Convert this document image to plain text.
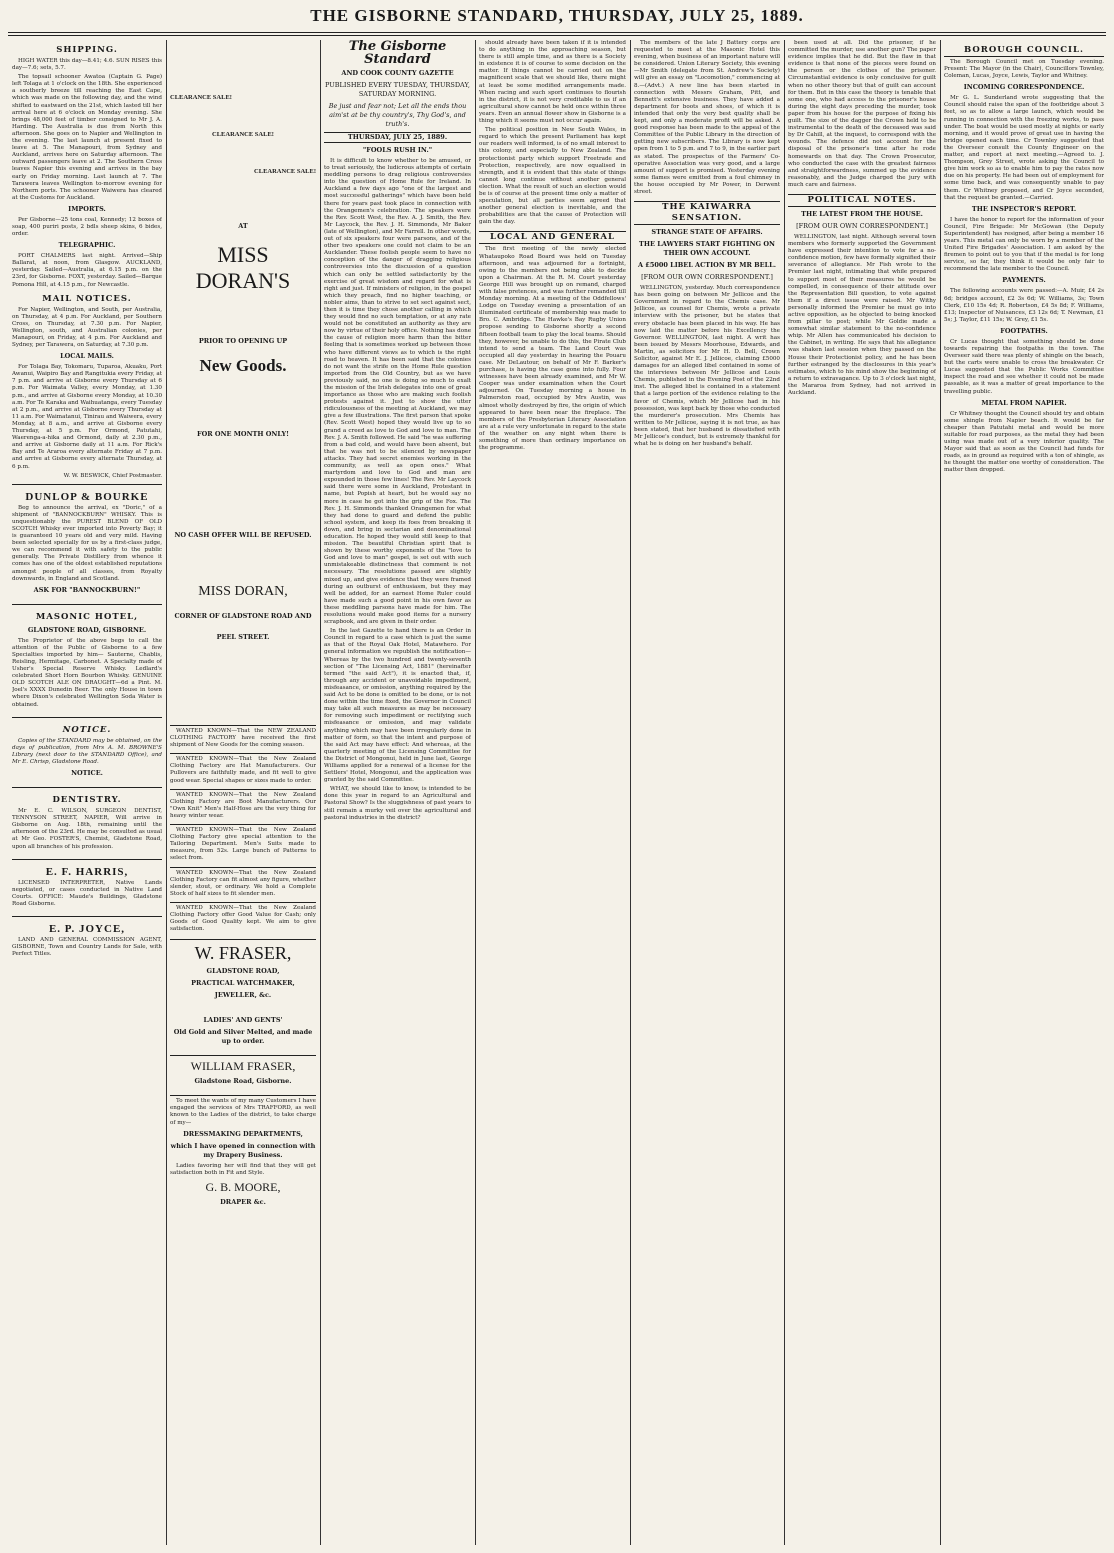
THE GISBORNE STANDARD, THURSDAY, JULY 25, 1889.
SHIPPING.

HIGH WATER this day—8.41; 4.6. SUN RISES this day—7.6; sets, 5.7.

The topsail schooner Awatoa (Captain G. Page) left Tolaga at 1 o'clock on the 18th. She experienced a southerly breeze till reaching the East Cape, which was made on the following day, and the wind shifted to eastward on the 21st, which lasted till her arrival here at 6 o'clock on Monday evening. She brings 48,000 feet of timber consigned to Mr J. A. Harding. The Australia is due from North this afternoon. She goes on to Napier and Wellington in the evening. The last launch at present fixed to leave at 5. The Manapouri, from Sydney and Auckland, arrives here on Saturday afternoon. The outward passengers leave at 2. The Southern Cross leaves Napier this evening and arrives in the bay early on Friday morning. Last launch at 7. The Tarawera leaves Wellington to-morrow evening for Northern ports. The schooner Waiwera has cleared at the Customs for Auckland.

IMPORTS.

Per Gisborne—25 tons coal, Kennedy; 12 boxes of soap, 400 puriri posts, 2 bdls sheep skins, 6 bides, order.

TELEGRAPHIC.

PORT CHALMERS last night. Arrived—Ship Ballarat, at noon, from Glasgow. AUCKLAND, yesterday. Sailed—Australia, at 6.15 p.m. on the 23rd, for Gisborne. FOXT, yesterday. Sailed—Barque Pomona Hill, at 4.15 p.m., for Newcastle.

MAIL NOTICES.

For Napier, Wellington, and South, per Australia, on Thursday, at 4 p.m. For Auckland, per Southern Cross, on Thursday, at 7.30 p.m. For Napier, Wellington, south, and Australian colonies, per Manapouri, on Friday, at 4 p.m. For Auckland and Sydney, per Tarawera, on Saturday, at 7.30 p.m.

LOCAL MAILS.

For Tolaga Bay, Tokomaru, Tuparoa, Akuaku, Port Awanui, Waipiro Bay and Rangitukia every Friday, at 7 p.m. and arrive at Gisborne every Thursday at 6 p.m. For Waimata Valley, every Monday, at 1.30 p.m., and arrive at Gisborne every Monday, at 10.30 a.m. For Te Karaka and Waihuatanga, every Tuesday at 2 p.m., and arrive at Gisborne every Thursday at 11 a.m. For Waimatanui, Tinirau and Waiwera, every Monday, at 8 a.m., and arrive at Gisborne every Thursday, at 5 p.m. For Ormond, Patutahi, Waerenga-a-hika and Ormond, daily at 2.30 p.m., and arrive at Gisborne daily at 11 a.m. For Rick's Bay and Te Araroa every alternate Friday at 7 p.m. and arrive at Gisborne every alternate Thursday, at 6 p.m.

W. W. BESWICK, Chief Postmaster.

DUNLOP & BOURKE

Beg to announce the arrival, ex "Doric," of a shipment of "BANNOCKBURN" WHISKY. This is unquestionably the PUREST BLEND OF OLD SCOTCH Whisky ever imported into Poverty Bay; it is guaranteed 10 years old and very mild. Having been selected specially for us by a first-class judge, we can recommend it with safety to the public generally. The Private Distillery from whence it comes has one of the oldest established reputations amongst people of all classes, from Royalty downwards, in England and Scotland.

ASK FOR "BANNOCKBURN!"
MASONIC HOTEL,
GLADSTONE ROAD, GISBORNE.

The Proprietor of the above begs to call the attention of the Public of Gisborne to a few Specialties imported by him— Sauterne, Chablis, Reisling, Hermitage, Carbonet. A Specialty made of Usher's Special Reserve Whisky. Ledlard's celebrated Short Horn Bourbon Whisky. GENUINE OLD SCOTCH ALE ON DRAUGHT—6d a Pint. M. Joel's XXXX Dunedin Beer. The only House in town where Dixon's celebrated Wellington Soda Water is obtained.

NOTICE.

Copies of the STANDARD may be obtained, on the days of publication, from Mrs A. M. BROWNE'S Library (next door to the STANDARD Office), and Mr E. Chrisp, Gladstone Road.

NOTICE.
DENTISTRY.

Mr E. C. WILSON, SURGEON DENTIST, TENNYSON STREET, NAPIER, Will arrive in Gisborne on Aug. 18th, remaining until the afternoon of the 23rd. He may be consulted as usual at Mr Geo. FOSTER'S, Chemist, Gladstone Road, upon all branches of his profession.

E. F. HARRIS,

LICENSED INTERPRETER, Native Lands negotiated, or cases conducted in Native Land Courts. OFFICE: Maude's Buildings, Gladstone Road Gisborne.

E. P. JOYCE,

LAND AND GENERAL COMMISSION AGENT, GISBORNE, Town and Country Lands for Sale, with Perfect Titles.

CLEARANCE SALE!
CLEARANCE SALE!
CLEARANCE SALE!
AT
MISS DORAN'S
PRIOR TO OPENING UP
New Goods.
FOR ONE MONTH ONLY!
NO CASH OFFER WILL BE REFUSED.
MISS DORAN,
CORNER OF GLADSTONE ROAD AND
PEEL STREET.

WANTED KNOWN—That the NEW ZEALAND CLOTHING FACTORY have received the first shipment of New Goods for the coming season.

WANTED KNOWN—That the New Zealand Clothing Factory are Hat Manufacturers. Our Pullovers are faithfully made, and fit well to give good wear. Special shapes or sizes made to order.

WANTED KNOWN—That the New Zealand Clothing Factory are Boot Manufacturers. Our "Own Knit" Men's Half-Hose are the very thing for heavy winter wear.

WANTED KNOWN—That the New Zealand Clothing Factory give special attention to the Tailoring Department. Men's Suits made to measure, from 52s. Large bunch of Patterns to select from.

WANTED KNOWN—That the New Zealand Clothing Factory can fit almost any figure, whether slender, stout, or ordinary. We hold a Complete Stock of half sizes to fit slender men.

WANTED KNOWN—That the New Zealand Clothing Factory offer Good Value for Cash; only Goods of Good Quality kept. We aim to give satisfaction.

W. FRASER,
GLADSTONE ROAD,
PRACTICAL WATCHMAKER,
JEWELLER, &c.
LADIES' AND GENTS'
Old Gold and Silver Melted, and made up to order.
WILLIAM FRASER,
Gladstone Road, Gisborne.

To meet the wants of my many Customers I have engaged the services of Mrs TRAFFORD, as well known to the Ladies of the district, to take charge of my—

DRESSMAKING DEPARTMENTS,
which I have opened in connection with my Drapery Business.

Ladies favoring her will find that they will get satisfaction both in Fit and Style.

G. B. MOORE,
DRAPER &c.
The Gisborne Standard
AND COOK COUNTY GAZETTE
PUBLISHED EVERY TUESDAY, THURSDAY, SATURDAY MORNING.
Be just and fear not; Let all the ends thou aim'st at be thy country's, Thy God's, and truth's.
THURSDAY, JULY 25, 1889.
"FOOLS RUSH IN."

It is difficult to know whether to be amused, or to treat seriously, the ludicrous attempts of certain meddling persons to drag religious controversies into the question of Home Rule for Ireland. In Auckland a few days ago "one of the largest and most successful gatherings" which have been held there for years past took place in connection with the Orangemen's celebration. The speakers were the Rev. Scott West, the Rev. A. J. Smith, the Rev. Mr Laycock, the Rev. J. H. Simmonds, Mr Baker (late of Wellington), and Mr Farrell. In other words, out of six speakers four were parsons, and of the other two speakers one could not claim to be an Aucklander. These foolish people seem to have no conception of the danger of dragging religious controversies into the discussion of a question which can only be settled satisfactorily by the exercise of great wisdom and regard for what is right and just. If ministers of religion, in the gospel which they preach, find no higher teaching, or nobler aims, than to strive to set sect against sect, then it is time they chose another calling in which they would find no such temptation, or at any rate would not be constituted an authority as they are now by virtue of their holy office. Nothing has done the cause of religion more harm than the bitter feeling that is sometimes worked up between those who have different views as to which is the right road to heaven. It has been said that the colonies do not want the strife on the Home Rule question imported from the Old Country, but as we have previously said, no one is doing so much to exalt the mission of the Irish delegates into one of great importance as those who are making such foolish protests against it. Just to show the utter ridiculousness of the meeting at Auckland, we may give a few illustrations. The first parson that spoke (Rev. Scott West) hoped they would live up to so grand a creed as love to God and love to man. The Rev. J. A. Smith followed. He said "he was suffering from a bad cold, and would have been absent, but that he was not to be silenced by newspaper attacks. They had secret enemies working in the community, as well as open ones." What martyrdom and love to God and man are expounded in those few lines! The Rev. Mr Laycock said there were some in Auckland, Protestant in name, but Popish at heart, but he would say no more in case he got into the grip of the Fox. The Rev. J. H. Simmonds thanked Orangemen for what they had done to guard and defend the public school system, and keep its foes from breaking it down, and bring in sectarian and denominational education. He hoped they would still keep to that mission. The beautiful Christian spirit that is shown by these worthy exponents of the "love to God and love to man" gospel, is set out with such unmistakeable distinctness that comment is not necessary. The resolutions passed are slightly mixed up, and give evidence that they were framed during an outburst of enthusiasm, but they may well be added, for an earnest Home Ruler could have made such a good point in his own favor as these meddling parsons have made for him. The resolutions would make good items for a nursery scrapbook, and are given in their order.

In the last Gazette to hand there is an Order in Council in regard to a case which is just the same as that of the Royal Oak Hotel, Matawhero. For general information we republish the notification—Whereas by the two hundred and twenty-seventh section of "The Licensing Act, 1881" (hereinafter termed "the said Act"), it is enacted that, if, through any accident or unavoidable impediment, misfeasance, or omission, anything required by the said Act to be done is omitted to be done, or is not done within the time fixed, the Governor in Council may take all such measures as may be necessary for removing such impediment or rectifying such misfeasance or omission, and may validate anything which may have been irregularly done in matter of form, so that the intent and purpose of the said Act may have effect: And whereas, at the quarterly meeting of the Licensing Committee for the District of Mongonui, held in June last, George Williams applied for a renewal of a license for the Settlers' Hotel, Mongonui, and the application was granted by the said Committee.

WHAT, we should like to know, is intended to be done this year in regard to an Agricultural and Pastoral Show? Is the sluggishness of past years to still remain a murky veil over the agricultural and pastoral industries in the district?

should already have been taken if it is intended to do anything in the approaching season, but there is still ample time, and as there is a Society in existence it is of course to some decision on the matter. If things cannot be carried out on the magnificent scale that we should like, there might at least be some modified arrangements made. When racing and such sport continues to flourish in the district, it is not very creditable to us if an agricultural show cannot be held once within three years. Even an annual flower show in Gisborne is a thing which it seems must not occur again.

The political position in New South Wales, in regard to which the present Parliament has kept our readers well informed, is of no small interest to this colony, and especially to New Zealand. The protectionist party which support Freetrade and Protection, respectively, are now equalised in strength, and it is evident that this state of things cannot long continue without another general election. What the result of such an election would be is of course at the present time only a matter of speculation, but all parties seem agreed that another general election is inevitable, and the probabilities are that the cause of Protection will gain the day.

LOCAL AND GENERAL

The first meeting of the newly elected Whataupoko Road Board was held on Tuesday afternoon, and was adjourned for a fortnight, owing to the members not being able to decide upon a Chairman. At the R. M. Court yesterday George Hill was brought up on remand, charged with false pretences, and was further remanded till Monday morning. At a meeting of the Oddfellows' Lodge on Tuesday evening a presentation of an illuminated certificate of membership was made to Bro. C. Ambridge. The Hawke's Bay Rugby Union propose sending to Gisborne shortly a second fifteen football team to play the local teams. Should they, however, be unable to do this, the Pirate Club intend to send a team. The Land Court was occupied all day yesterday in hearing the Pouaru case. Mr DeLautour, on behalf of Mr F. Barker's purchase, is having the case gone into fully. Four witnesses have been already examined, and Mr W. Cooper was under examination when the Court adjourned. On Tuesday morning a house in Palmerston road, occupied by Mrs Austin, was almost wholly destroyed by fire, the origin of which appeared to have been near the fireplace. The members of the Presbyterian Literary Association are at a rule very unfortunate in regard to the state of the weather on any night when there is something of more than ordinary importance on the programme.

The members of the late J Battery corps are requested to meet at the Masonic Hotel this evening, when business of an important nature will be considered. Union Literary Society, this evening—Mr Smith (delegate from St. Andrew's Society) will give an essay on "Locomotion," commencing at 8.—(Advt.) A new line has been started in connection with Messrs Graham, Pitt, and Bennett's extensive business. They have added a department for boots and shoes, of which it is intended that only the very best quality shall be kept, and only a moderate profit will be asked. A good response has been made to the appeal of the Committee of the Public Library in the direction of getting new subscribers. The Library is now kept open from 1 to 5 p.m. and 7 to 9, in the earlier part as stated. The prospectus of the Farmers' Co-operative Association was very good, and a large amount of support is promised. Yesterday evening some flames were emitted from a foul chimney in the house occupied by Mr Power, in Derwent street.

THE KAIWARRA SENSATION.
STRANGE STATE OF AFFAIRS.
THE LAWYERS START FIGHTING ON THEIR OWN ACCOUNT.
A £5000 LIBEL ACTION BY MR BELL.
[FROM OUR OWN CORRESPONDENT.]

WELLINGTON, yesterday. Much correspondence has been going on between Mr Jellicoe and the Government in regard to the Chemis case. Mr Jellicoe, as counsel for Chemis, wrote a private interview with the prisoner, but he states that every obstacle has been placed in his way. He has now laid the matter before his Excellency the Governor. WELLINGTON, last night. A writ has been issued by Messrs Moorhouse, Edwards, and Martin, as solicitors for Mr H. D. Bell, Crown Solicitor, against Mr E. J. Jellicoe, claiming £5000 damages for an alleged libel contained in some of the interviews between Mr Jellicoe and Louis Chemis, published in the Evening Post of the 22nd inst. The alleged libel is contained in a statement that a large portion of the evidence relating to the favor of Chemis, which Mr Jellicoe had in his possession, was kept back by those who conducted the murderer's prosecution. Mrs Chemis has written to Mr Jellicoe, saying it is not true, as has been stated, that her husband is dissatisfied with Mr Jellicoe's conduct, but is extremely thankful for what he is doing on her husband's behalf.

been used at all. Did the prisoner, if he committed the murder, use another gun? The paper evidence implies that he did. But the flaw in that evidence is that none of the pieces were found on the person or the clothes of the prisoner. Circumstantial evidence is only conclusive for guilt when no other theory but that of guilt can account for them. But in this case the theory is tenable that some one, who had access to the prisoner's house during the eight days preceding the murder, took paper from his house for the purpose of fixing his guilt. The size of the dagger the Crown held to be instrumental to the death of the deceased was said by Dr Cahill, at the inquest, to correspond with the wounds. The defence did not account for the disposal of the prisoner's time after he rode homewards on that day. The Crown Prosecutor, who conducted the case with the greatest fairness and straightforwardness, summed up the evidence reasonably, and the Judge charged the jury with much care and fairness.

POLITICAL NOTES.
THE LATEST FROM THE HOUSE.
[FROM OUR OWN CORRESPONDENT.]

WELLINGTON, last night. Although several town members who formerly supported the Government have expressed their intention to vote for a no-confidence motion, few have formally signified their severance of allegiance. Mr Fish wrote to the Premier last night, intimating that while prepared to support most of their measures he would be compelled, in consequence of their attitude over the Representation Bill question, to vote against them if a direct issue were raised. Mr Withy personally informed the Premier he must go into active opposition, as he objected to being knocked from pillar to post; while Mr Goldie made a somewhat similar statement to the no-confidence whip. Mr Allen has communicated his decision to the Cabinet, in writing. He says that his allegiance was shaken last session when they passed on the House their Protectionist policy, and he has been further estranged by the disclosures in this year's estimates, which to his mind show the beginning of a return to extravagance. Up to 3 o'clock last night, the Mararoa from Sydney, had not arrived in Auckland.

BOROUGH COUNCIL.

The Borough Council met on Tuesday evening. Present: The Mayor (in the Chair), Councillors Townley, Coleman, Lucas, Joyce, Lewis, Taylor and Whitney.

INCOMING CORRESPONDENCE.

Mr G. L. Sunderland wrote suggesting that the Council should raise the span of the footbridge about 3 feet, so as to allow a large launch, which would be running in connection with the freezing works, to pass under. The boat would be used mostly at nights or early morning, and it would prove of great use in having the bridge opened each time. Cr Townley suggested that the Overseer consult the County Engineer on the matter, and report at next meeting.—Agreed to. J. Thompson, Grey Street, wrote asking the Council to give him work so as to enable him to pay the rates now due on his property. He had been out of employment for some time back, and was consequently unable to pay them. Cr Whitney proposed, and Cr Joyce seconded, that the request be granted.—Carried.

THE INSPECTOR'S REPORT.

I have the honor to report for the information of your Council, Fire Brigade: Mr McGowan (the Deputy Superintendent) has resigned, after being a member 16 years. This metal can only be worn by a member of the United Fire Brigades' Association. I am asked by the firemen to point out to you that if the medal is for long service, so far, they think it would be only fair to recommend the late member to the Council.

PAYMENTS.

The following accounts were passed:—A. Muir, £4 2s 6d; bridges account, £2 3s 6d; W. Williams, 3s; Town Clerk, £10 15s 4d; R. Robertson, £4 5s 8d; F. Williams, £13; Inspector of Nuisances, £3 12s 6d; T. Newman, £1 5s; J. Taylor, £11 15s; W. Grey, £1 5s.

FOOTPATHS.

Cr Lucas thought that something should be done towards repairing the footpaths in the town. The Overseer said there was plenty of shingle on the beach, but the carts were unable to cross the breakwater. Cr Lucas suggested that the Public Works Committee inspect the road and see whether it could not be made passable, as it was a matter of great importance to the travelling public.

METAL FROM NAPIER.

Cr Whitney thought the Council should try and obtain some shingle from Napier beach. It would be far cheaper than Patutahi metal and would be more suitable for road purposes, as the metal they had been using was made out of a very inferior quality. The Mayor said that as soon as the Council had funds for roads, as in ground as required with a ton of shingle, as he thought the matter one worthy of consideration. The matter then dropped.
